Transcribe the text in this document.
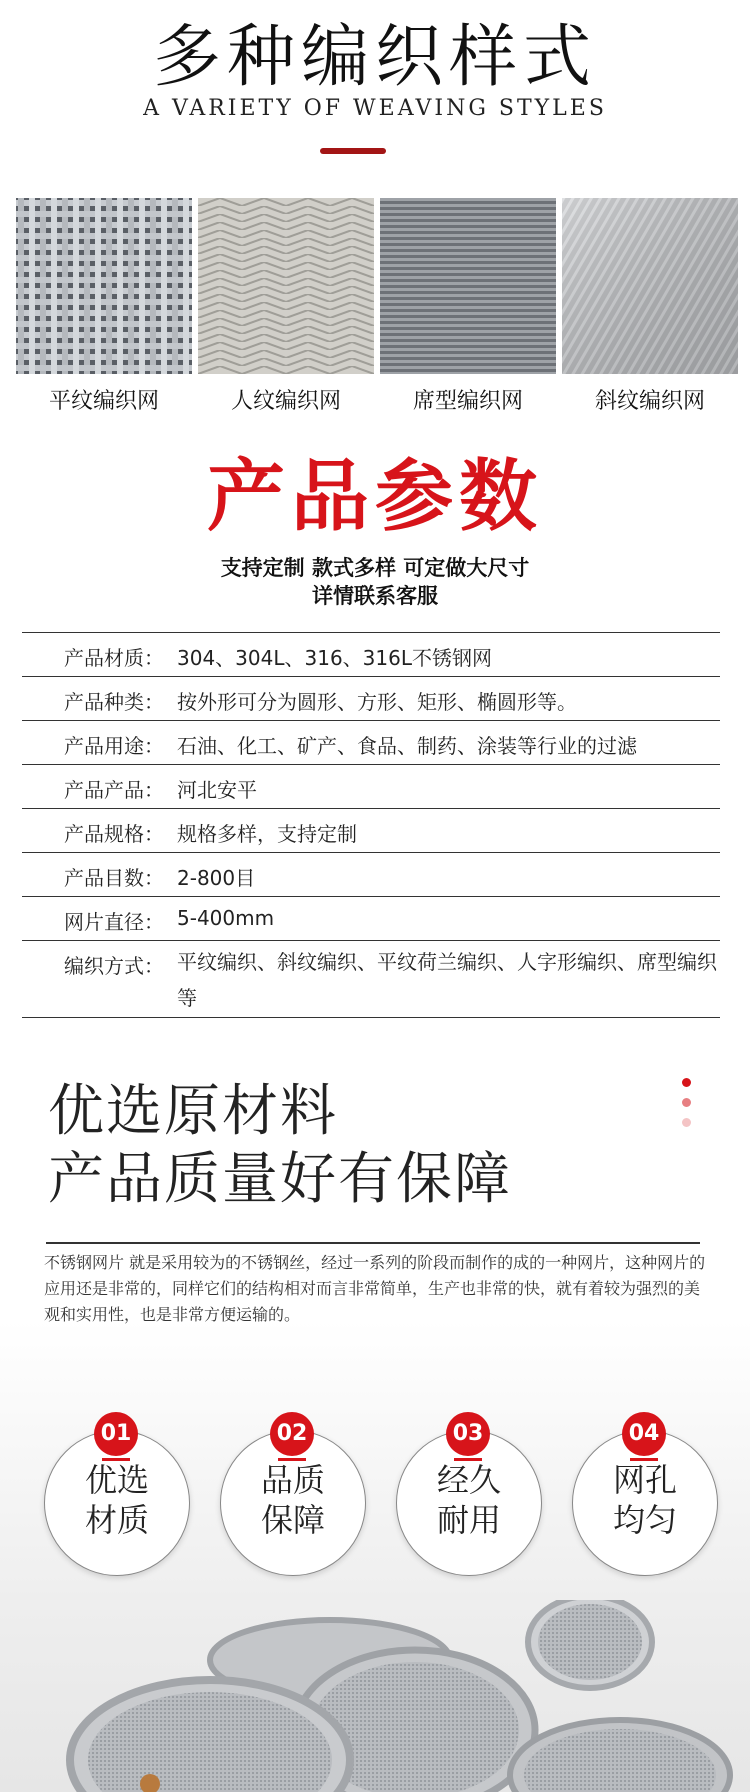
多种编织样式
A VARIETY OF WEAVING STYLES
平纹编织网	人纹编织网	席型编织网	斜纹编织网
产品参数
支持定制 款式多样 可定做大尺寸
详情联系客服
产品材质： 304、304L、316、316L不锈钢网
产品种类： 按外形可分为圆形、方形、矩形、椭圆形等。
产品用途： 石油、化工、矿产、食品、制药、涂装等行业的过滤
产品产品： 河北安平
产品规格： 规格多样，支持定制
产品目数： 2-800目
网片直径： 5-400mm
编织方式： 平纹编织、斜纹编织、平纹荷兰编织、人字形编织、席型编织等
优选原材料
产品质量好有保障
不锈钢网片 就是采用较为的不锈钢丝，经过一系列的阶段而制作的成的一种网片，这种网片的应用还是非常的，同样它们的结构相对而言非常简单，生产也非常的快，就有着较为强烈的美观和实用性，也是非常方便运输的。
01	02	03	04
优选
材质
品质
保障
经久
耐用
网孔
均匀
